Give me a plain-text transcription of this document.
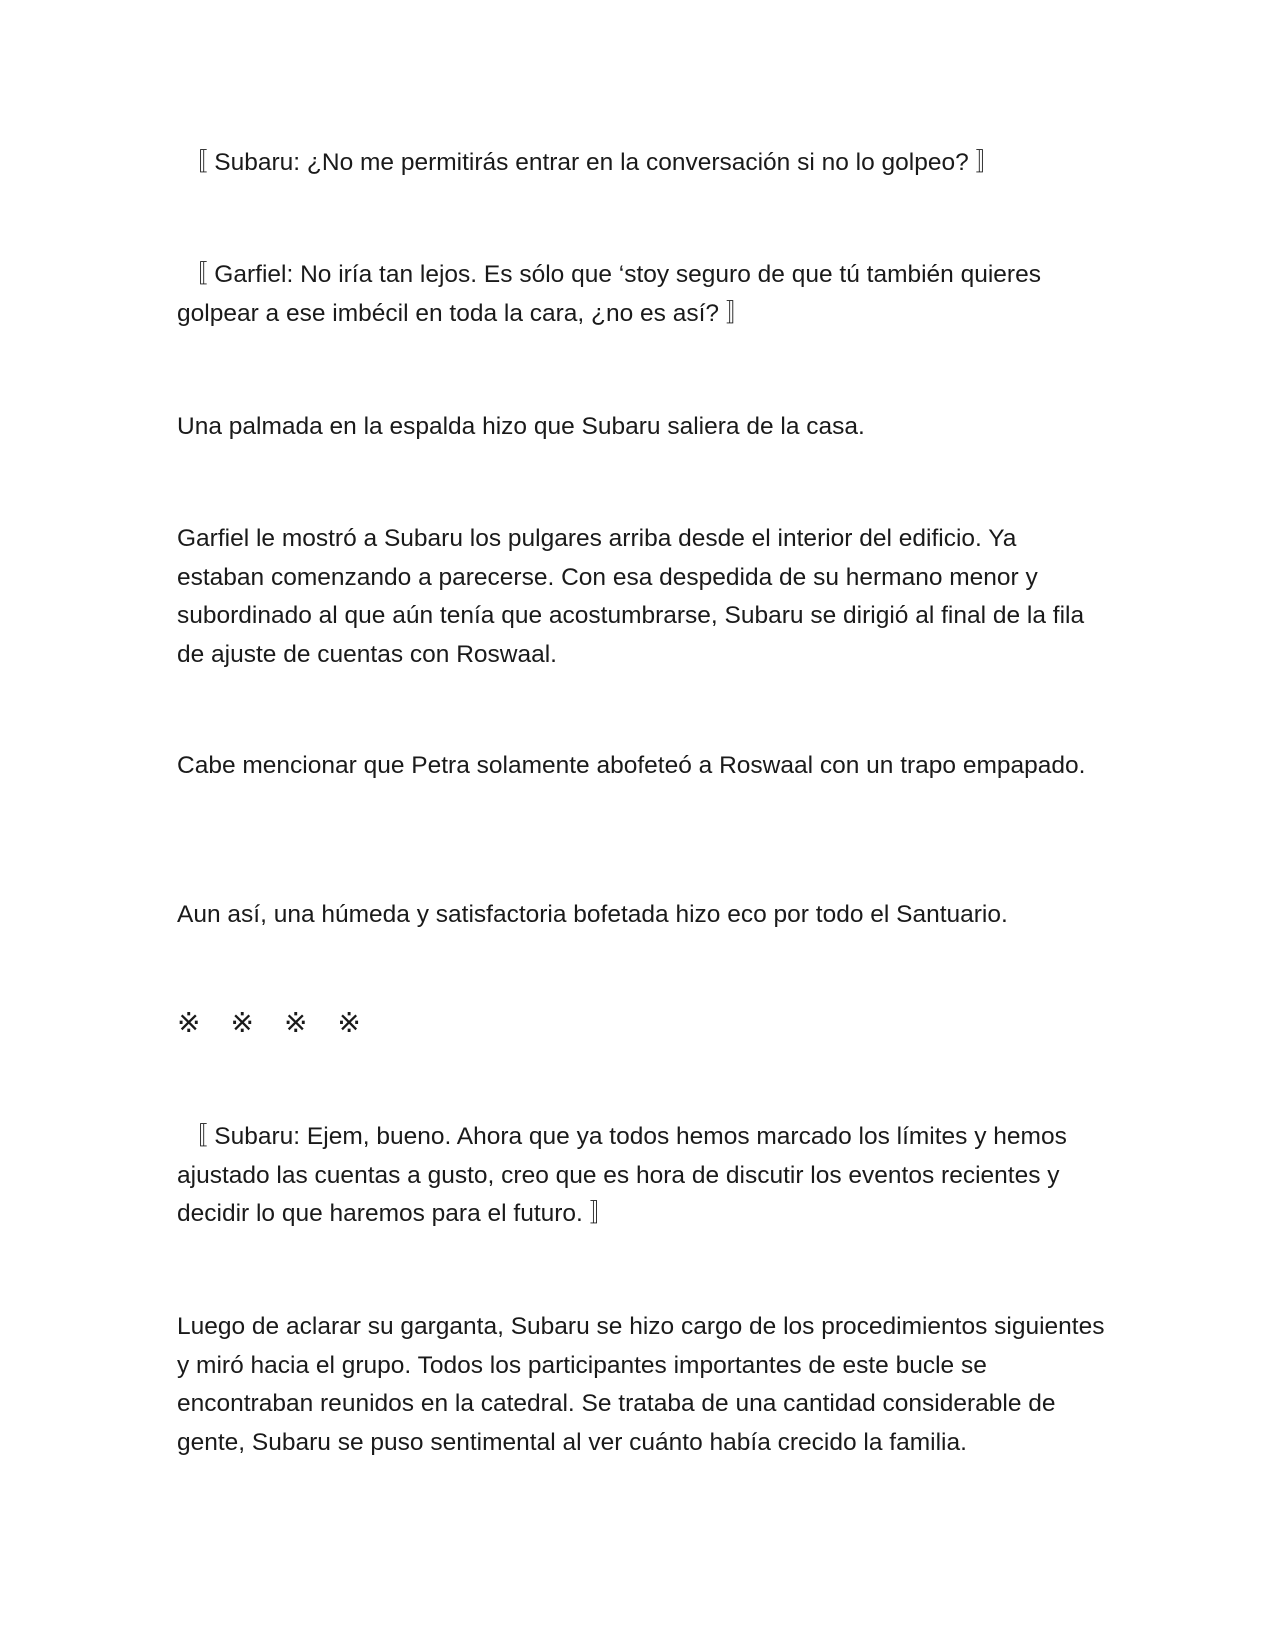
〚 Subaru: ¿No me permitirás entrar en la conversación si no lo golpeo? 〛

〚 Garfiel: No iría tan lejos. Es sólo que ‘stoy seguro de que tú también quieres golpear a ese imbécil en toda la cara, ¿no es así? 〛

Una palmada en la espalda hizo que Subaru saliera de la casa.

Garfiel le mostró a Subaru los pulgares arriba desde el interior del edificio. Ya estaban comenzando a parecerse. Con esa despedida de su hermano menor y subordinado al que aún tenía que acostumbrarse, Subaru se dirigió al final de la fila de ajuste de cuentas con Roswaal.

Cabe mencionar que Petra solamente abofeteó a Roswaal con un trapo empapado.

Aun así, una húmeda y satisfactoria bofetada hizo eco por todo el Santuario.

※ ※ ※ ※

〚 Subaru: Ejem, bueno. Ahora que ya todos hemos marcado los límites y hemos ajustado las cuentas a gusto, creo que es hora de discutir los eventos recientes y decidir lo que haremos para el futuro. 〛

Luego de aclarar su garganta, Subaru se hizo cargo de los procedimientos siguientes y miró hacia el grupo. Todos los participantes importantes de este bucle se encontraban reunidos en la catedral. Se trataba de una cantidad considerable de gente, Subaru se puso sentimental al ver cuánto había crecido la familia.
